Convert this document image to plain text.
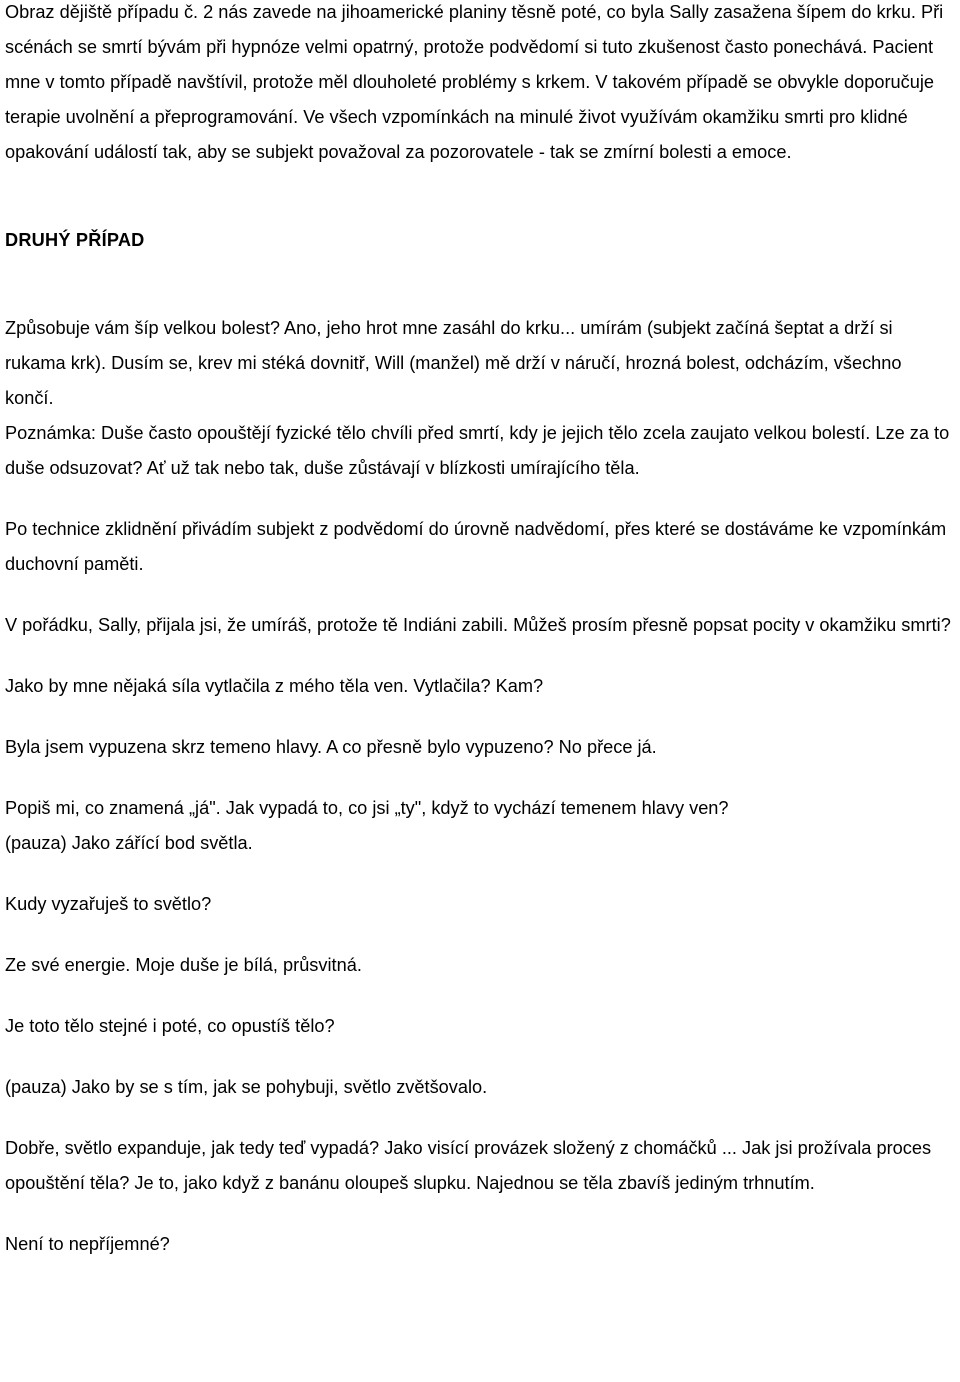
Obraz dějiště případu č. 2 nás zavede na jihoamerické planiny těsně poté, co byla Sally zasažena šípem do krku. Při scénách se smrtí bývám při hypnóze velmi opatrný, protože podvědomí si tuto zkušenost často ponechává. Pacient mne v tomto případě navštívil, protože měl dlouholeté problémy s krkem. V takovém případě se obvykle doporučuje terapie uvolnění a přeprogramování. Ve všech vzpomínkách na minulé život využívám okamžiku smrti pro klidné opakování událostí tak, aby se subjekt považoval za pozorovatele - tak se zmírní bolesti a emoce.

DRUHÝ PŘÍPAD

Způsobuje vám šíp velkou bolest? Ano, jeho hrot mne zasáhl do krku... umírám (subjekt začíná šeptat a drží si rukama krk). Dusím se, krev mi stéká dovnitř, Will (manžel) mě drží v náručí, hrozná bolest, odcházím, všechno končí.

Poznámka: Duše často opouštějí fyzické tělo chvíli před smrtí, kdy je jejich tělo zcela zaujato velkou bolestí. Lze za to duše odsuzovat? Ať už tak nebo tak, duše zůstávají v blízkosti umírajícího těla.

Po technice zklidnění přivádím subjekt z podvědomí do úrovně nadvědomí, přes které se dostáváme ke vzpomínkám duchovní paměti.

V pořádku, Sally, přijala jsi, že umíráš, protože tě Indiáni zabili. Můžeš prosím přesně popsat pocity v okamžiku smrti?

Jako by mne nějaká síla vytlačila z mého těla ven. Vytlačila? Kam?

Byla jsem vypuzena skrz temeno hlavy. A co přesně bylo vypuzeno? No přece já.

Popiš mi, co znamená „já". Jak vypadá to, co jsi „ty", když to vychází temenem hlavy ven?

(pauza) Jako zářící bod světla.

Kudy vyzařuješ to světlo?

Ze své energie. Moje duše je bílá, průsvitná.

Je toto tělo stejné i poté, co opustíš tělo?

(pauza) Jako by se s tím, jak se pohybuji, světlo zvětšovalo.

Dobře, světlo expanduje, jak tedy teď vypadá? Jako visící provázek složený z chomáčků ... Jak jsi prožívala proces opouštění těla? Je to, jako když z banánu oloupeš slupku. Najednou se těla zbavíš jediným trhnutím.

Není to nepříjemné?
